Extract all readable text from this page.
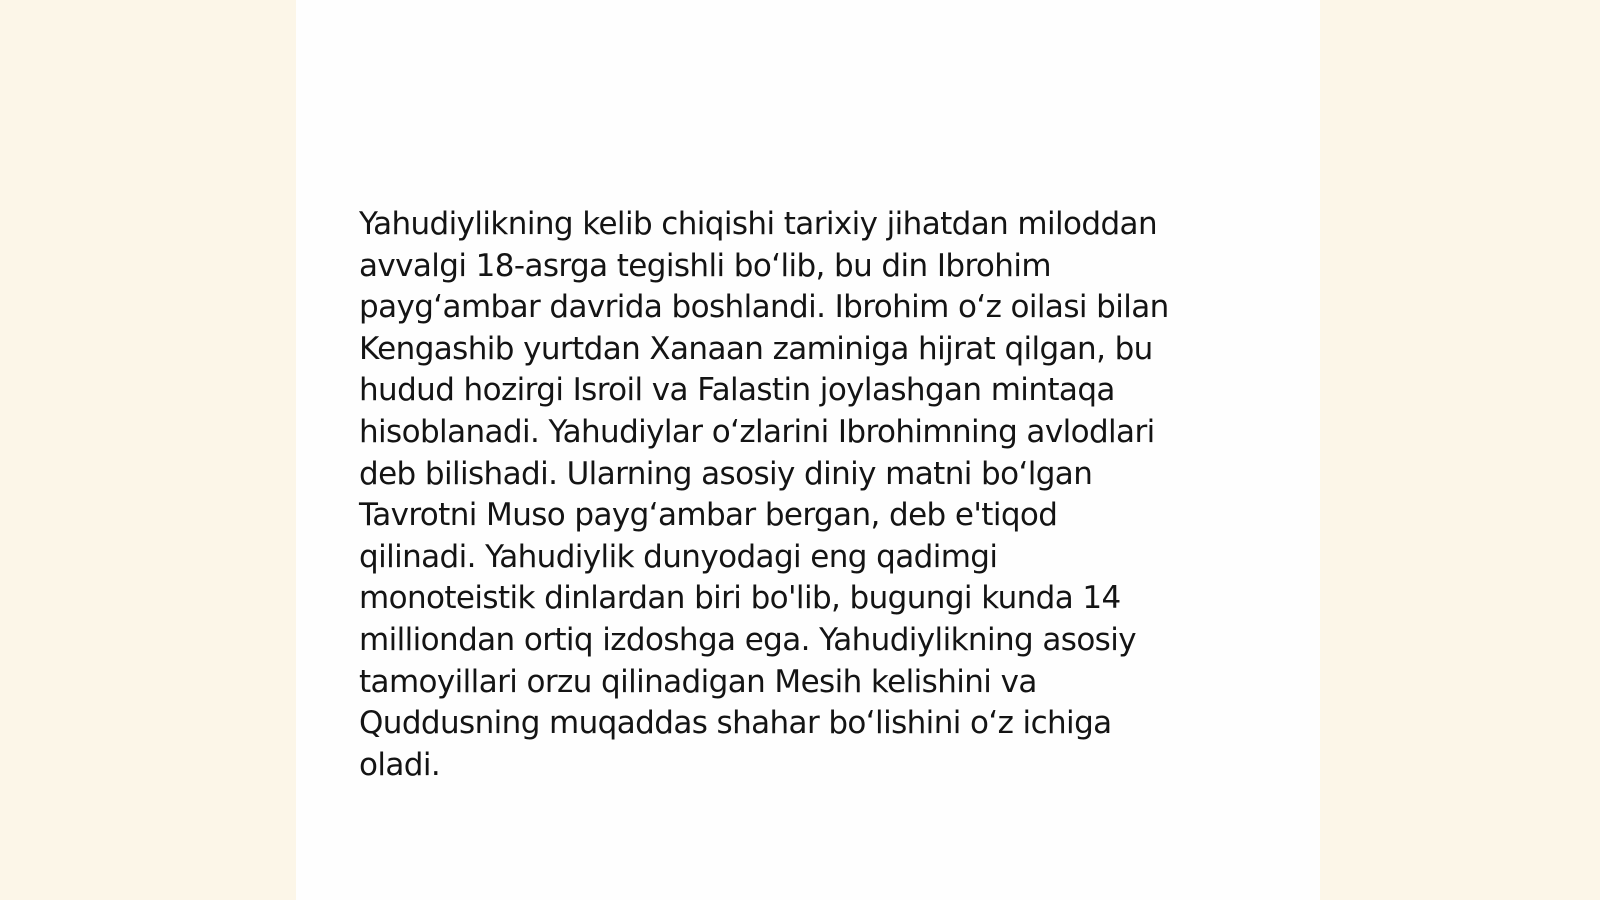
Yahudiylikning kelib chiqishi tarixiy jihatdan miloddan
avvalgi 18-asrga tegishli bo‘lib, bu din Ibrohim
payg‘ambar davrida boshlandi. Ibrohim o‘z oilasi bilan
Kengashib yurtdan Xanaan zaminiga hijrat qilgan, bu
hudud hozirgi Isroil va Falastin joylashgan mintaqa
hisoblanadi. Yahudiylar o‘zlarini Ibrohimning avlodlari
deb bilishadi. Ularning asosiy diniy matni bo‘lgan
Tavrotni Muso payg‘ambar bergan, deb e'tiqod
qilinadi. Yahudiylik dunyodagi eng qadimgi
monoteistik dinlardan biri bo'lib, bugungi kunda 14
milliondan ortiq izdoshga ega. Yahudiylikning asosiy
tamoyillari orzu qilinadigan Mesih kelishini va
Quddusning muqaddas shahar bo‘lishini o‘z ichiga
oladi.
